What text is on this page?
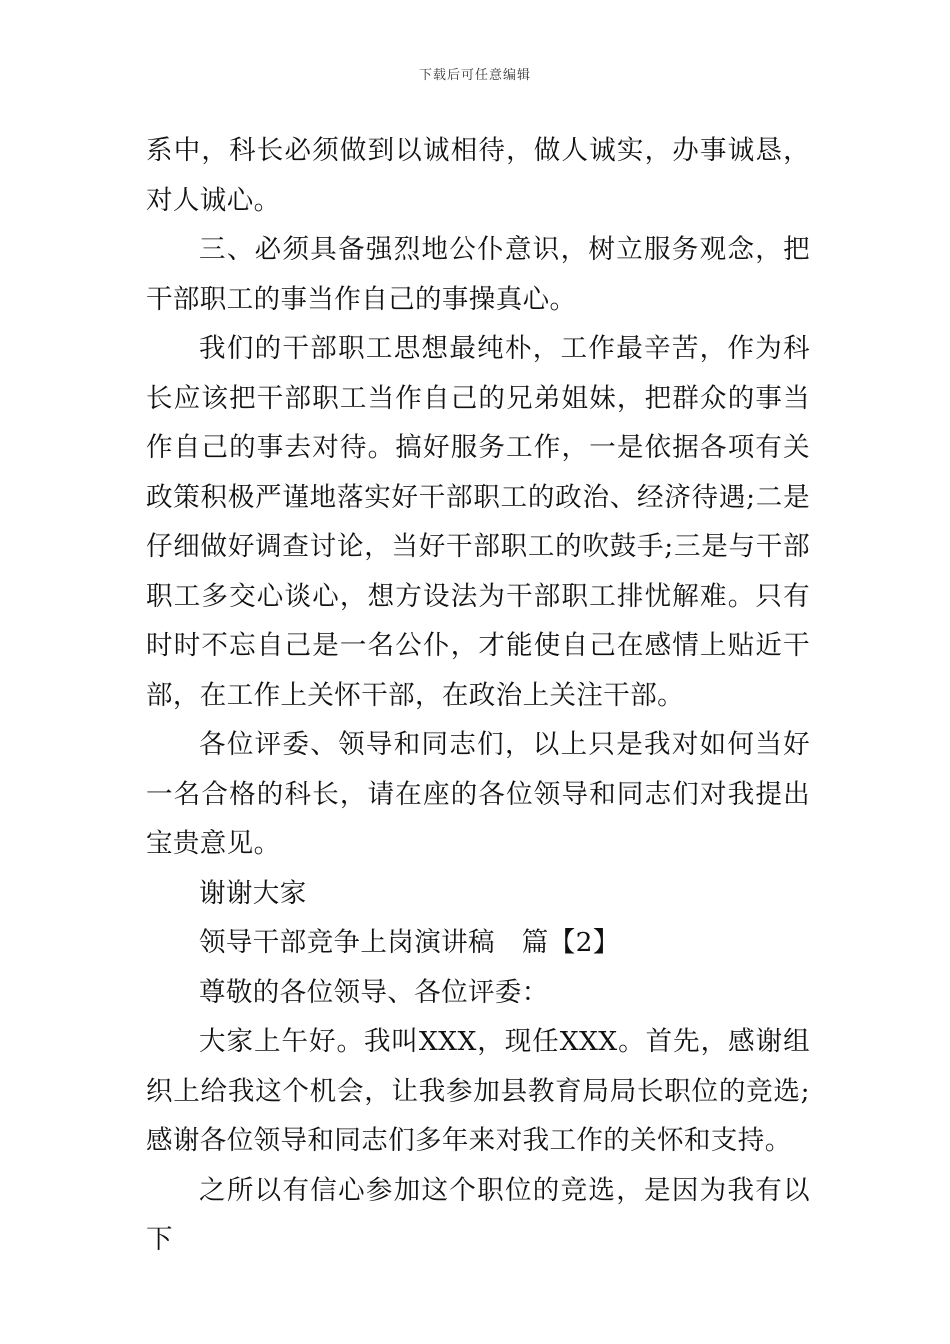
下载后可任意编辑

系中，科长必须做到以诚相待，做人诚实，办事诚恳，对人诚心。

三、必须具备强烈地公仆意识，树立服务观念，把干部职工的事当作自己的事操真心。

我们的干部职工思想最纯朴，工作最辛苦，作为科长应该把干部职工当作自己的兄弟姐妹，把群众的事当作自己的事去对待。搞好服务工作，一是依据各项有关政策积极严谨地落实好干部职工的政治、经济待遇;二是仔细做好调查讨论，当好干部职工的吹鼓手;三是与干部职工多交心谈心，想方设法为干部职工排忧解难。只有时时不忘自己是一名公仆，才能使自己在感情上贴近干部，在工作上关怀干部，在政治上关注干部。

各位评委、领导和同志们，以上只是我对如何当好一名合格的科长，请在座的各位领导和同志们对我提出宝贵意见。

谢谢大家

领导干部竞争上岗演讲稿　篇【2】

尊敬的各位领导、各位评委：

大家上午好。我叫XXX，现任XXX。首先，感谢组织上给我这个机会，让我参加县教育局局长职位的竞选;感谢各位领导和同志们多年来对我工作的关怀和支持。

之所以有信心参加这个职位的竞选，是因为我有以下
